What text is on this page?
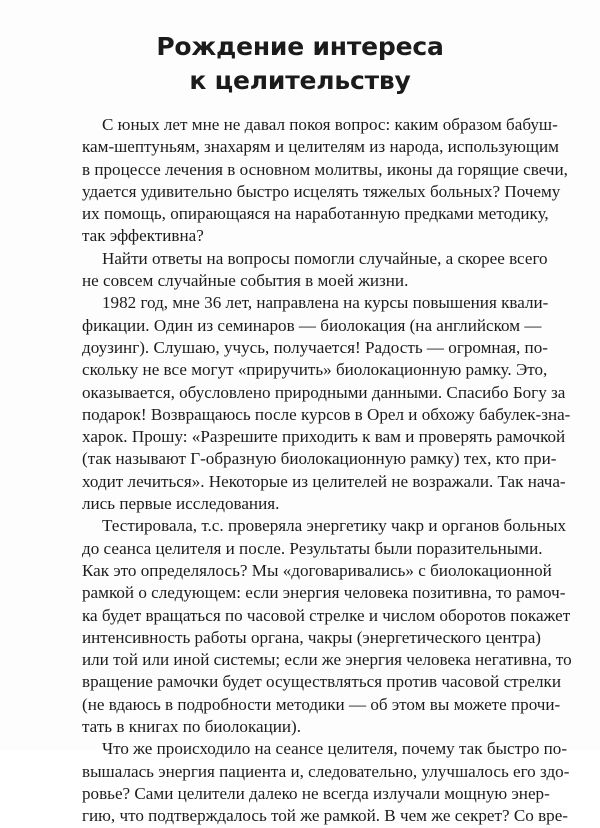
Рождение интереса
к целительству
С юных лет мне не давал покоя вопрос: каким образом бабуш-
кам-шептуньям, знахарям и целителям из народа, использующим
в процессе лечения в основном молитвы, иконы да горящие свечи,
удается удивительно быстро исцелять тяжелых больных? Почему
их помощь, опирающаяся на наработанную предками методику,
так эффективна?
Найти ответы на вопросы помогли случайные, а скорее всего
не совсем случайные события в моей жизни.
1982 год, мне 36 лет, направлена на курсы повышения квали-
фикации. Один из семинаров — биолокация (на английском —
доузинг). Слушаю, учусь, получается! Радость — огромная, по-
скольку не все могут «приручить» биолокационную рамку. Это,
оказывается, обусловлено природными данными. Спасибо Богу за
подарок! Возвращаюсь после курсов в Орел и обхожу бабулек-зна-
харок. Прошу: «Разрешите приходить к вам и проверять рамочкой
(так называют Г-образную биолокационную рамку) тех, кто при-
ходит лечиться». Некоторые из целителей не возражали. Так нача-
лись первые исследования.
Тестировала, т.с. проверяла энергетику чакр и органов больных
до сеанса целителя и после. Результаты были поразительными.
Как это определялось? Мы «договаривались» с биолокационной
рамкой о следующем: если энергия человека позитивна, то рамоч-
ка будет вращаться по часовой стрелке и числом оборотов покажет
интенсивность работы органа, чакры (энергетического центра)
или той или иной системы; если же энергия человека негативна, то
вращение рамочки будет осуществляться против часовой стрелки
(не вдаюсь в подробности методики — об этом вы можете прочи-
тать в книгах по биолокации).
Что же происходило на сеансе целителя, почему так быстро по-
вышалась энергия пациента и, следовательно, улучшалось его здо-
ровье? Сами целители далеко не всегда излучали мощную энер-
гию, что подтверждалось той же рамкой. В чем же секрет? Со вре-
